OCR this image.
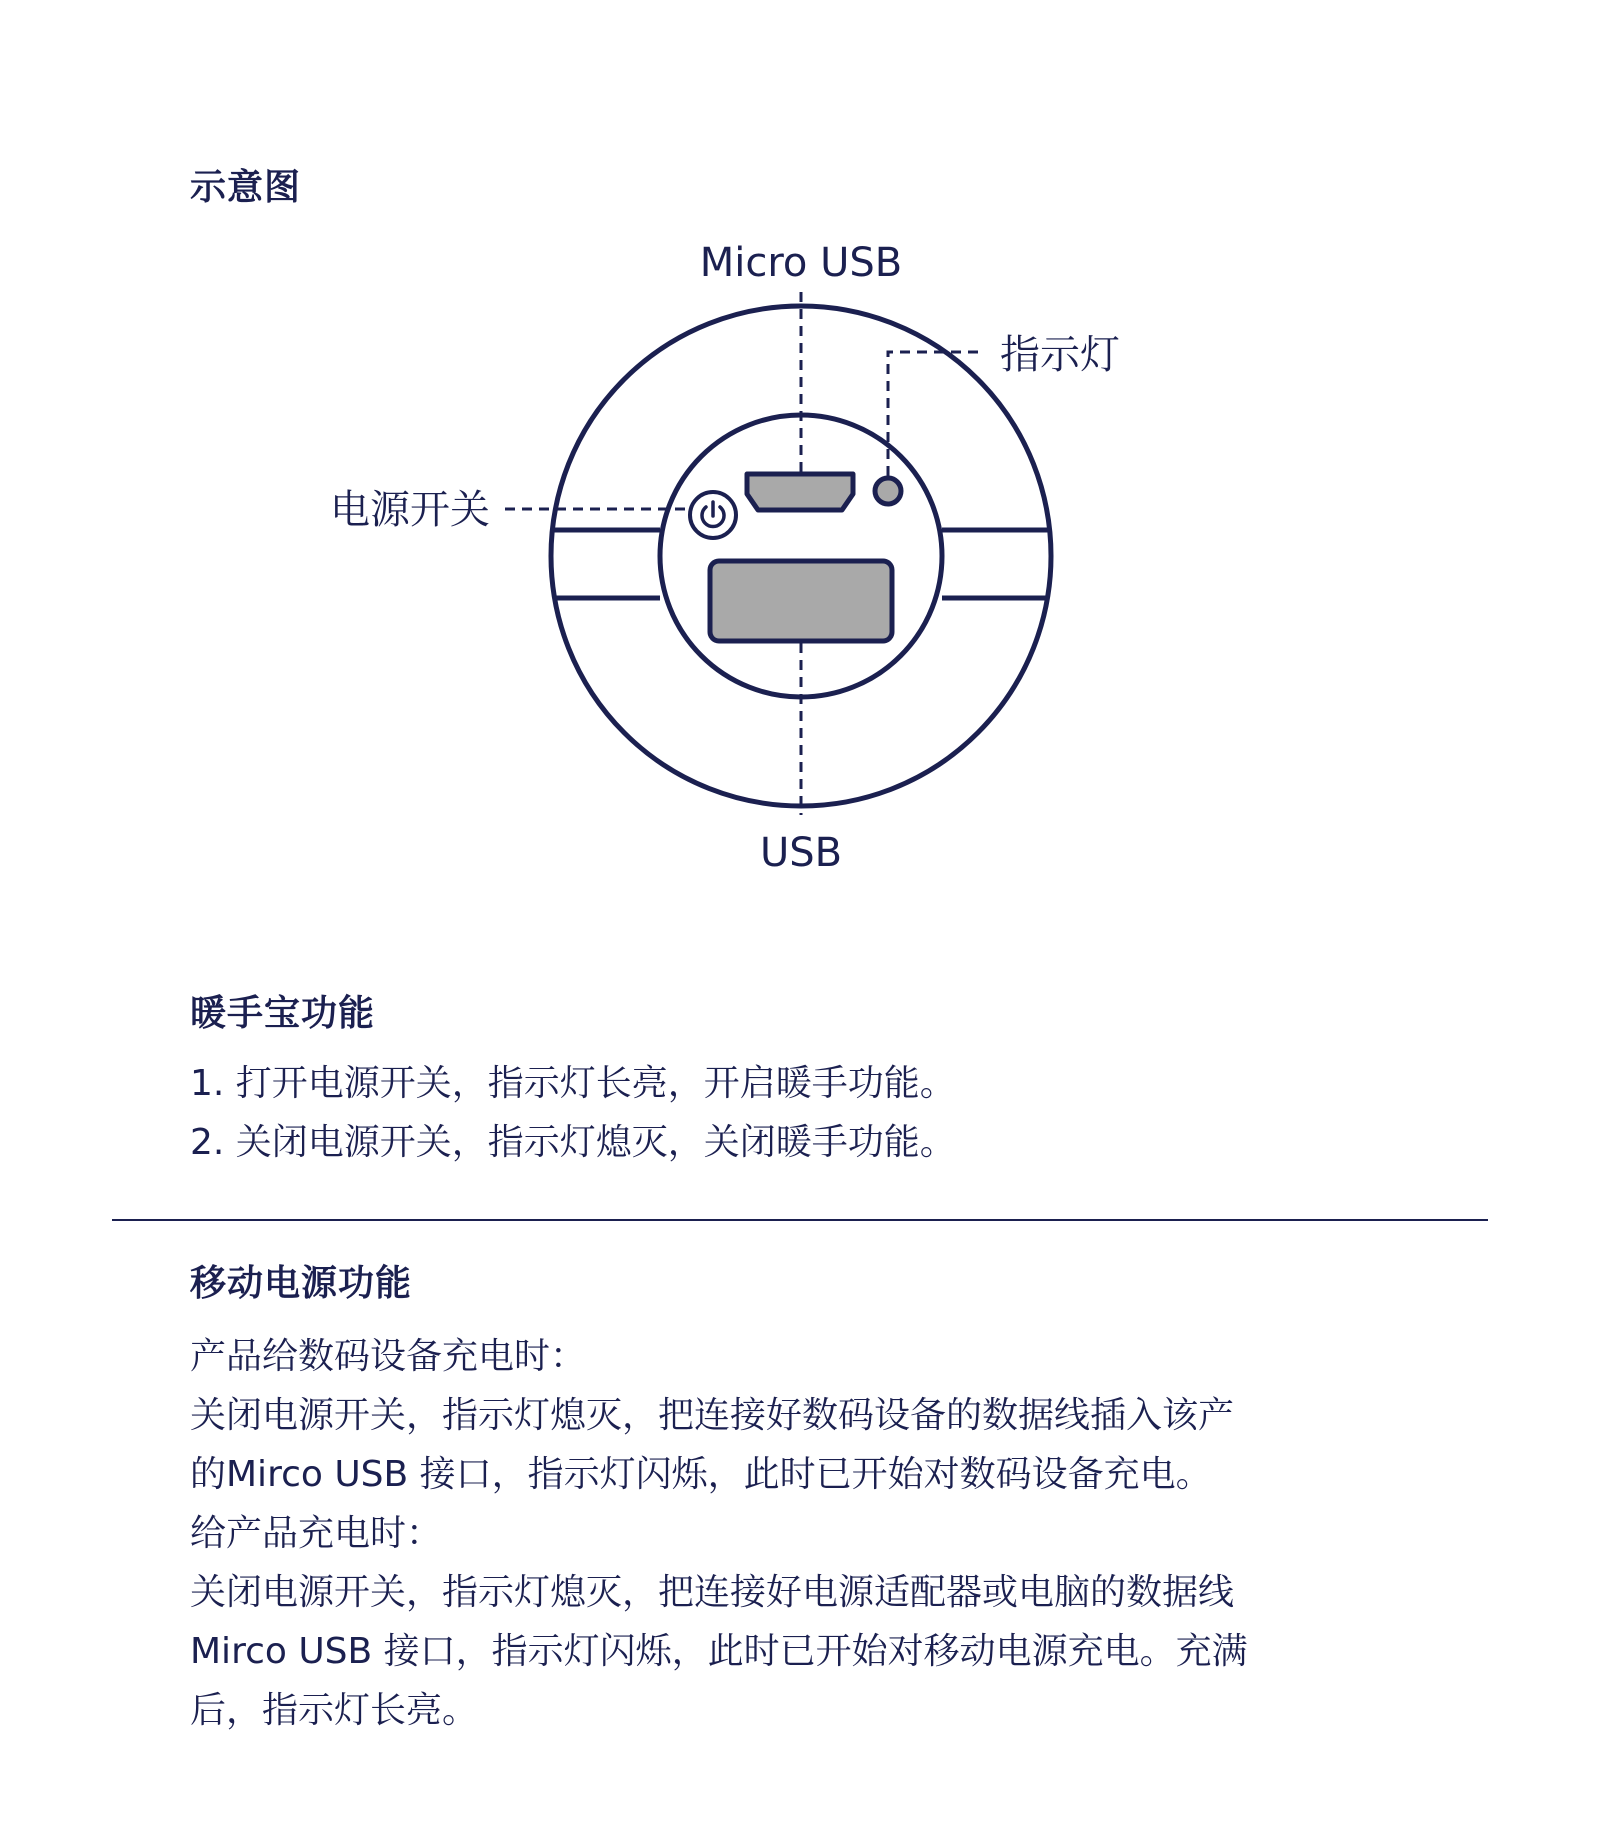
示意图
Micro USB
USB
指示灯
电源开关
暖手宝功能
1. 打开电源开关，指示灯长亮，开启暖手功能。
2. 关闭电源开关，指示灯熄灭，关闭暖手功能。
移动电源功能
产品给数码设备充电时：
关闭电源开关，指示灯熄灭，把连接好数码设备的数据线插入该产
的Mirco USB 接口，指示灯闪烁，此时已开始对数码设备充电。
给产品充电时：
关闭电源开关，指示灯熄灭，把连接好电源适配器或电脑的数据线
Mirco USB 接口，指示灯闪烁，此时已开始对移动电源充电。充满
后，指示灯长亮。
